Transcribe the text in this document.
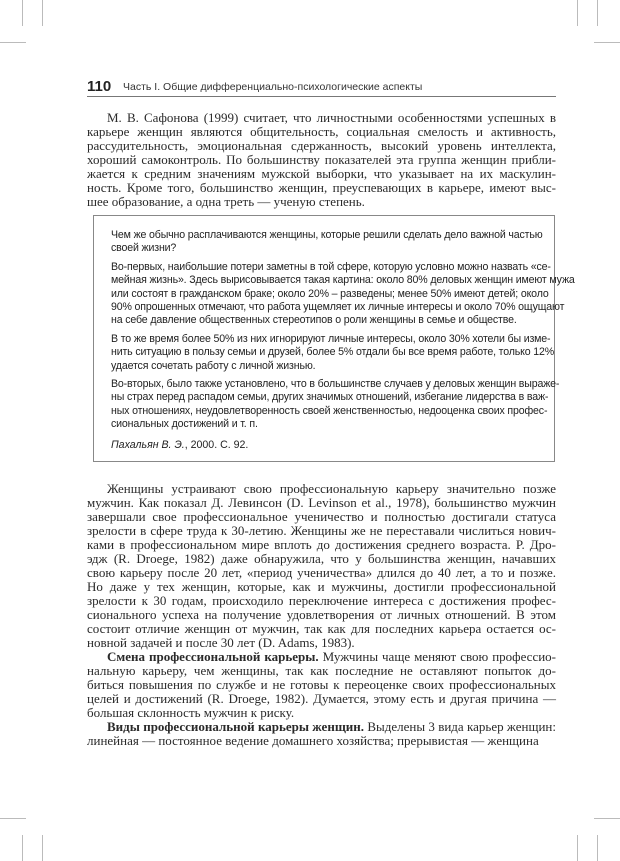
110 Часть I. Общие дифференциально-психологические аспекты
М. В. Сафонова (1999) считает, что личностными особенностями успешных в
карьере женщин являются общительность, социальная смелость и активность,
рассудительность, эмоциональная сдержанность, высокий уровень интеллекта,
хороший самоконтроль. По большинству показателей эта группа женщин прибли-
жается к средним значениям мужской выборки, что указывает на их маскулин-
ность. Кроме того, большинство женщин, преуспевающих в карьере, имеют выс-
шее образование, а одна треть — ученую степень.
Чем же обычно расплачиваются женщины, которые решили сделать дело важной частью
своей жизни?
Во-первых, наибольшие потери заметны в той сфере, которую условно можно назвать «се-
мейная жизнь». Здесь вырисовывается такая картина: около 80% деловых женщин имеют мужа
или состоят в гражданском браке; около 20% – разведены; менее 50% имеют детей; около
90% опрошенных отмечают, что работа ущемляет их личные интересы и около 70% ощущают
на себе давление общественных стереотипов о роли женщины в семье и обществе.
В то же время более 50% из них игнорируют личные интересы, около 30% хотели бы изме-
нить ситуацию в пользу семьи и друзей, более 5% отдали бы все время работе, только 12%
удается сочетать работу с личной жизнью.
Во-вторых, было также установлено, что в большинстве случаев у деловых женщин выраже-
ны страх перед распадом семьи, других значимых отношений, избегание лидерства в важ-
ных отношениях, неудовлетворенность своей женственностью, недооценка своих профес-
сиональных достижений и т. п.
Пахальян В. Э., 2000. С. 92.
Женщины устраивают свою профессиональную карьеру значительно позже
мужчин. Как показал Д. Левинсон (D. Levinson et al., 1978), большинство мужчин
завершали свое профессиональное ученичество и полностью достигали статуса
зрелости в сфере труда к 30-летию. Женщины же не переставали числиться нович-
ками в профессиональном мире вплоть до достижения среднего возраста. Р. Дро-
эдж (R. Droege, 1982) даже обнаружила, что у большинства женщин, начавших
свою карьеру после 20 лет, «период ученичества» длился до 40 лет, а то и позже.
Но даже у тех женщин, которые, как и мужчины, достигли профессиональной
зрелости к 30 годам, происходило переключение интереса с достижения профес-
сионального успеха на получение удовлетворения от личных отношений. В этом
состоит отличие женщин от мужчин, так как для последних карьера остается ос-
новной задачей и после 30 лет (D. Adams, 1983).
Смена профессиональной карьеры. Мужчины чаще меняют свою профессио-
нальную карьеру, чем женщины, так как последние не оставляют попыток до-
биться повышения по службе и не готовы к переоценке своих профессиональных
целей и достижений (R. Droege, 1982). Думается, этому есть и другая причина —
большая склонность мужчин к риску.
Виды профессиональной карьеры женщин. Выделены 3 вида карьер женщин:
линейная — постоянное ведение домашнего хозяйства; прерывистая — женщина
